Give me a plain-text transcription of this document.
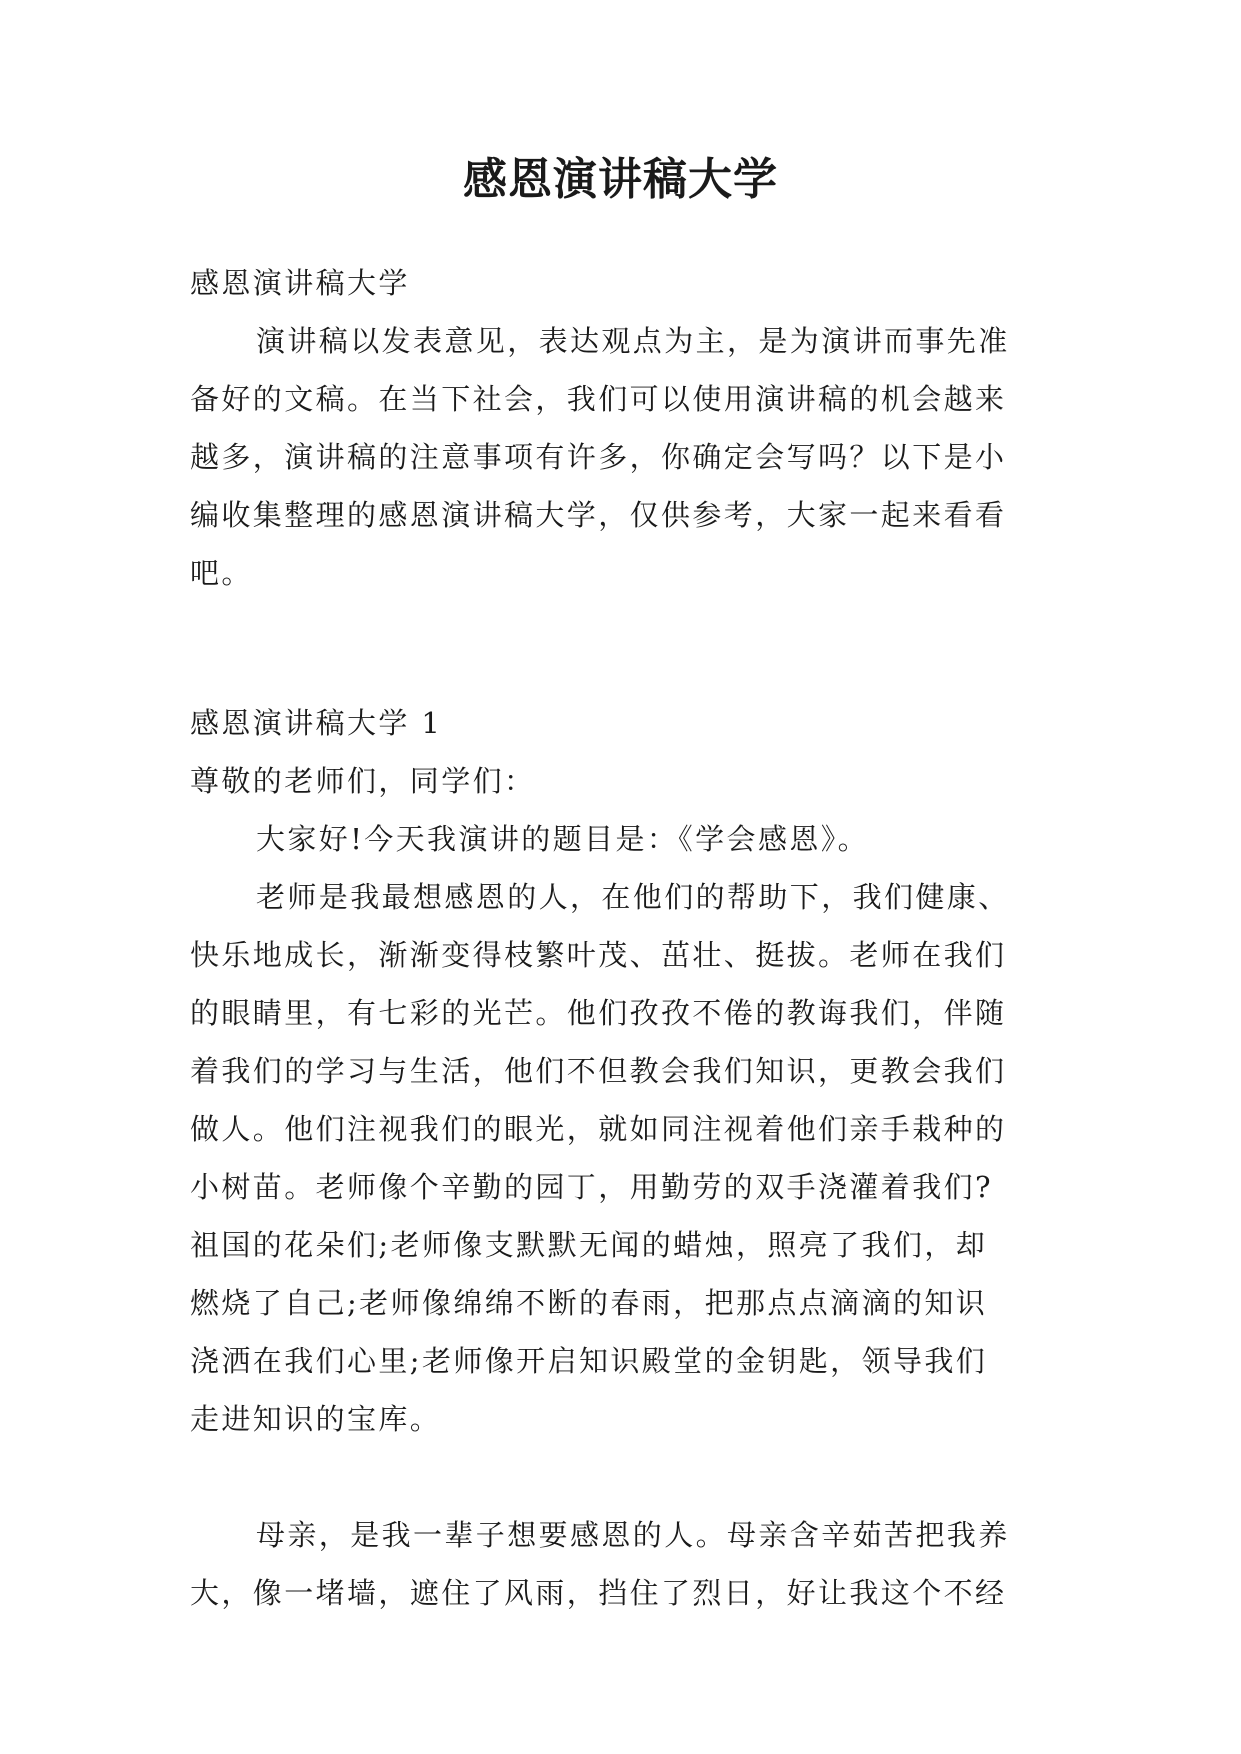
感恩演讲稿大学
感恩演讲稿大学
演讲稿以发表意见，表达观点为主，是为演讲而事先准
备好的文稿。在当下社会，我们可以使用演讲稿的机会越来
越多，演讲稿的注意事项有许多，你确定会写吗？以下是小
编收集整理的感恩演讲稿大学，仅供参考，大家一起来看看
吧。
感恩演讲稿大学 1
尊敬的老师们，同学们：
大家好!今天我演讲的题目是：《学会感恩》。
老师是我最想感恩的人，在他们的帮助下，我们健康、
快乐地成长，渐渐变得枝繁叶茂、茁壮、挺拔。老师在我们
的眼睛里，有七彩的光芒。他们孜孜不倦的教诲我们，伴随
着我们的学习与生活，他们不但教会我们知识，更教会我们
做人。他们注视我们的眼光，就如同注视着他们亲手栽种的
小树苗。老师像个辛勤的园丁，用勤劳的双手浇灌着我们?
祖国的花朵们;老师像支默默无闻的蜡烛，照亮了我们，却
燃烧了自己;老师像绵绵不断的春雨，把那点点滴滴的知识
浇洒在我们心里;老师像开启知识殿堂的金钥匙，领导我们
走进知识的宝库。
母亲，是我一辈子想要感恩的人。母亲含辛茹苦把我养
大，像一堵墙，遮住了风雨，挡住了烈日，好让我这个不经
